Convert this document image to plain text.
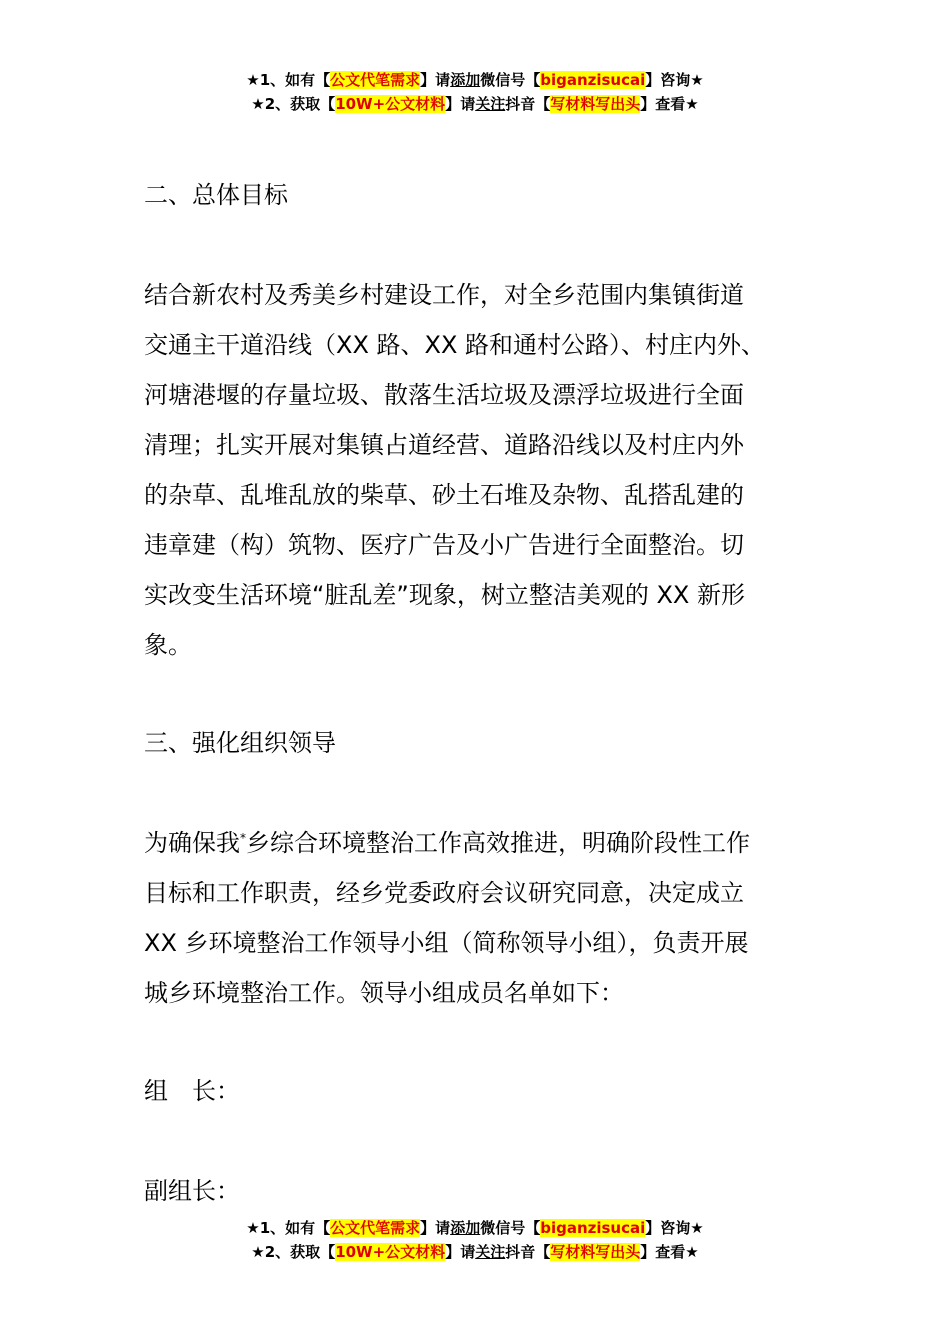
★1、如有【公文代笔需求】请添加微信号【biganzisucai】咨询★
★2、获取【10W+公文材料】请关注抖音【写材料写出头】查看★
二、总体目标
结合新农村及秀美乡村建设工作，对全乡范围内集镇街道
交通主干道沿线（XX 路、XX 路和通村公路）、村庄内外、
河塘港堰的存量垃圾、散落生活垃圾及漂浮垃圾进行全面
清理；扎实开展对集镇占道经营、道路沿线以及村庄内外
的杂草、乱堆乱放的柴草、砂土石堆及杂物、乱搭乱建的
违章建（构）筑物、医疗广告及小广告进行全面整治。切
实改变生活环境“脏乱差”现象，树立整洁美观的 XX 新形
象。
三、强化组织领导
为确保我*乡综合环境整治工作高效推进，明确阶段性工作
目标和工作职责，经乡党委政府会议研究同意，决定成立
XX 乡环境整治工作领导小组（简称领导小组），负责开展
城乡环境整治工作。领导小组成员名单如下：
组　长：
副组长：
★1、如有【公文代笔需求】请添加微信号【biganzisucai】咨询★
★2、获取【10W+公文材料】请关注抖音【写材料写出头】查看★
